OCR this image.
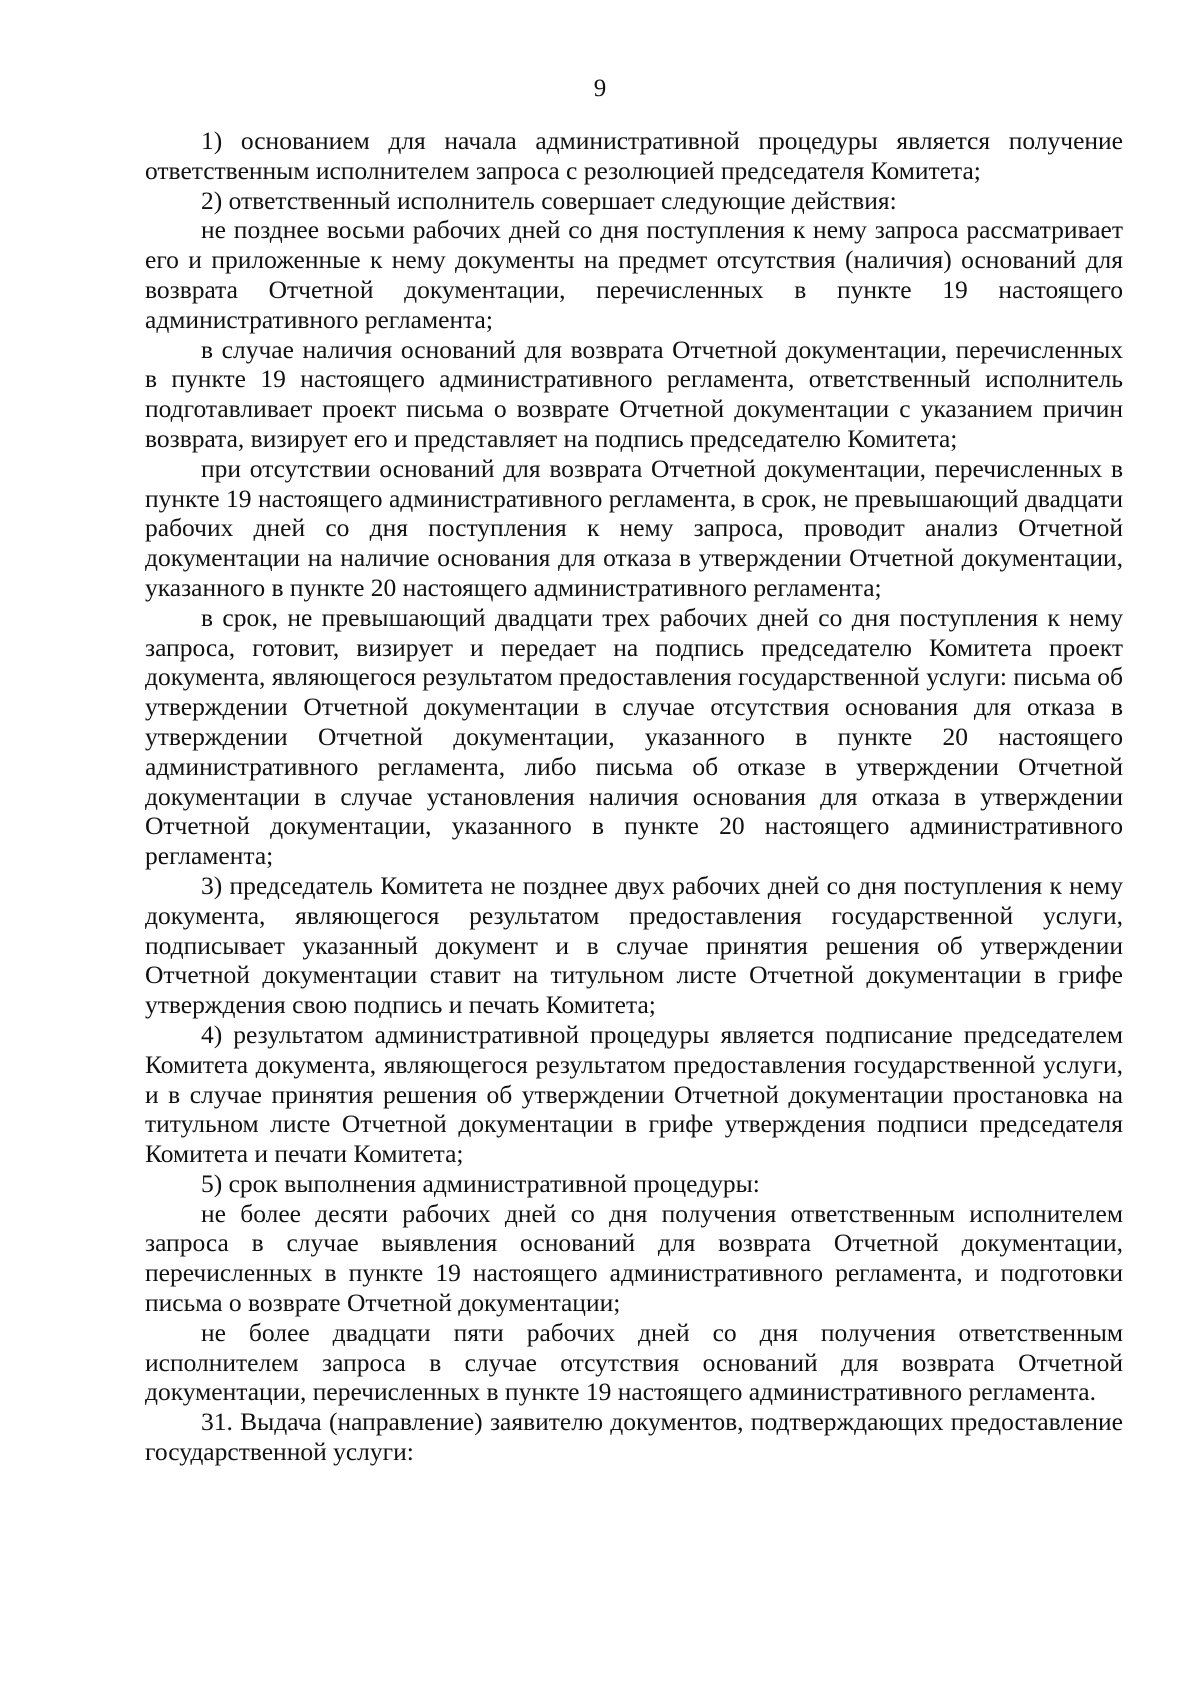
9

1) основанием для начала административной процедуры является получение ответственным исполнителем запроса с резолюцией председателя Комитета;

2) ответственный исполнитель совершает следующие действия:

не позднее восьми рабочих дней со дня поступления к нему запроса рассматривает его и приложенные к нему документы на предмет отсутствия (наличия) оснований для возврата Отчетной документации, перечисленных в пункте 19 настоящего административного регламента;

в случае наличия оснований для возврата Отчетной документации, перечисленных в пункте 19 настоящего административного регламента, ответственный исполнитель подготавливает проект письма о возврате Отчетной документации с указанием причин возврата, визирует его и представляет на подпись председателю Комитета;

при отсутствии оснований для возврата Отчетной документации, перечисленных в пункте 19 настоящего административного регламента, в срок, не превышающий двадцати рабочих дней со дня поступления к нему запроса, проводит анализ Отчетной документации на наличие основания для отказа в утверждении Отчетной документации, указанного в пункте 20 настоящего административного регламента;

в срок, не превышающий двадцати трех рабочих дней со дня поступления к нему запроса, готовит, визирует и передает на подпись председателю Комитета проект документа, являющегося результатом предоставления государственной услуги: письма об утверждении Отчетной документации в случае отсутствия основания для отказа в утверждении Отчетной документации, указанного в пункте 20 настоящего административного регламента, либо письма об отказе в утверждении Отчетной документации в случае установления наличия основания для отказа в утверждении Отчетной документации, указанного в пункте 20 настоящего административного регламента;

3) председатель Комитета не позднее двух рабочих дней со дня поступления к нему документа, являющегося результатом предоставления государственной услуги, подписывает указанный документ и в случае принятия решения об утверждении Отчетной документации ставит на титульном листе Отчетной документации в грифе утверждения свою подпись и печать Комитета;

4) результатом административной процедуры является подписание председателем Комитета документа, являющегося результатом предоставления государственной услуги, и в случае принятия решения об утверждении Отчетной документации простановка на титульном листе Отчетной документации в грифе утверждения подписи председателя Комитета и печати Комитета;

5) срок выполнения административной процедуры:

не более десяти рабочих дней со дня получения ответственным исполнителем запроса в случае выявления оснований для возврата Отчетной документации, перечисленных в пункте 19 настоящего административного регламента, и подготовки письма о возврате Отчетной документации;

не более двадцати пяти рабочих дней со дня получения ответственным исполнителем запроса в случае отсутствия оснований для возврата Отчетной документации, перечисленных в пункте 19 настоящего административного регламента.

31. Выдача (направление) заявителю документов, подтверждающих предоставление государственной услуги:
